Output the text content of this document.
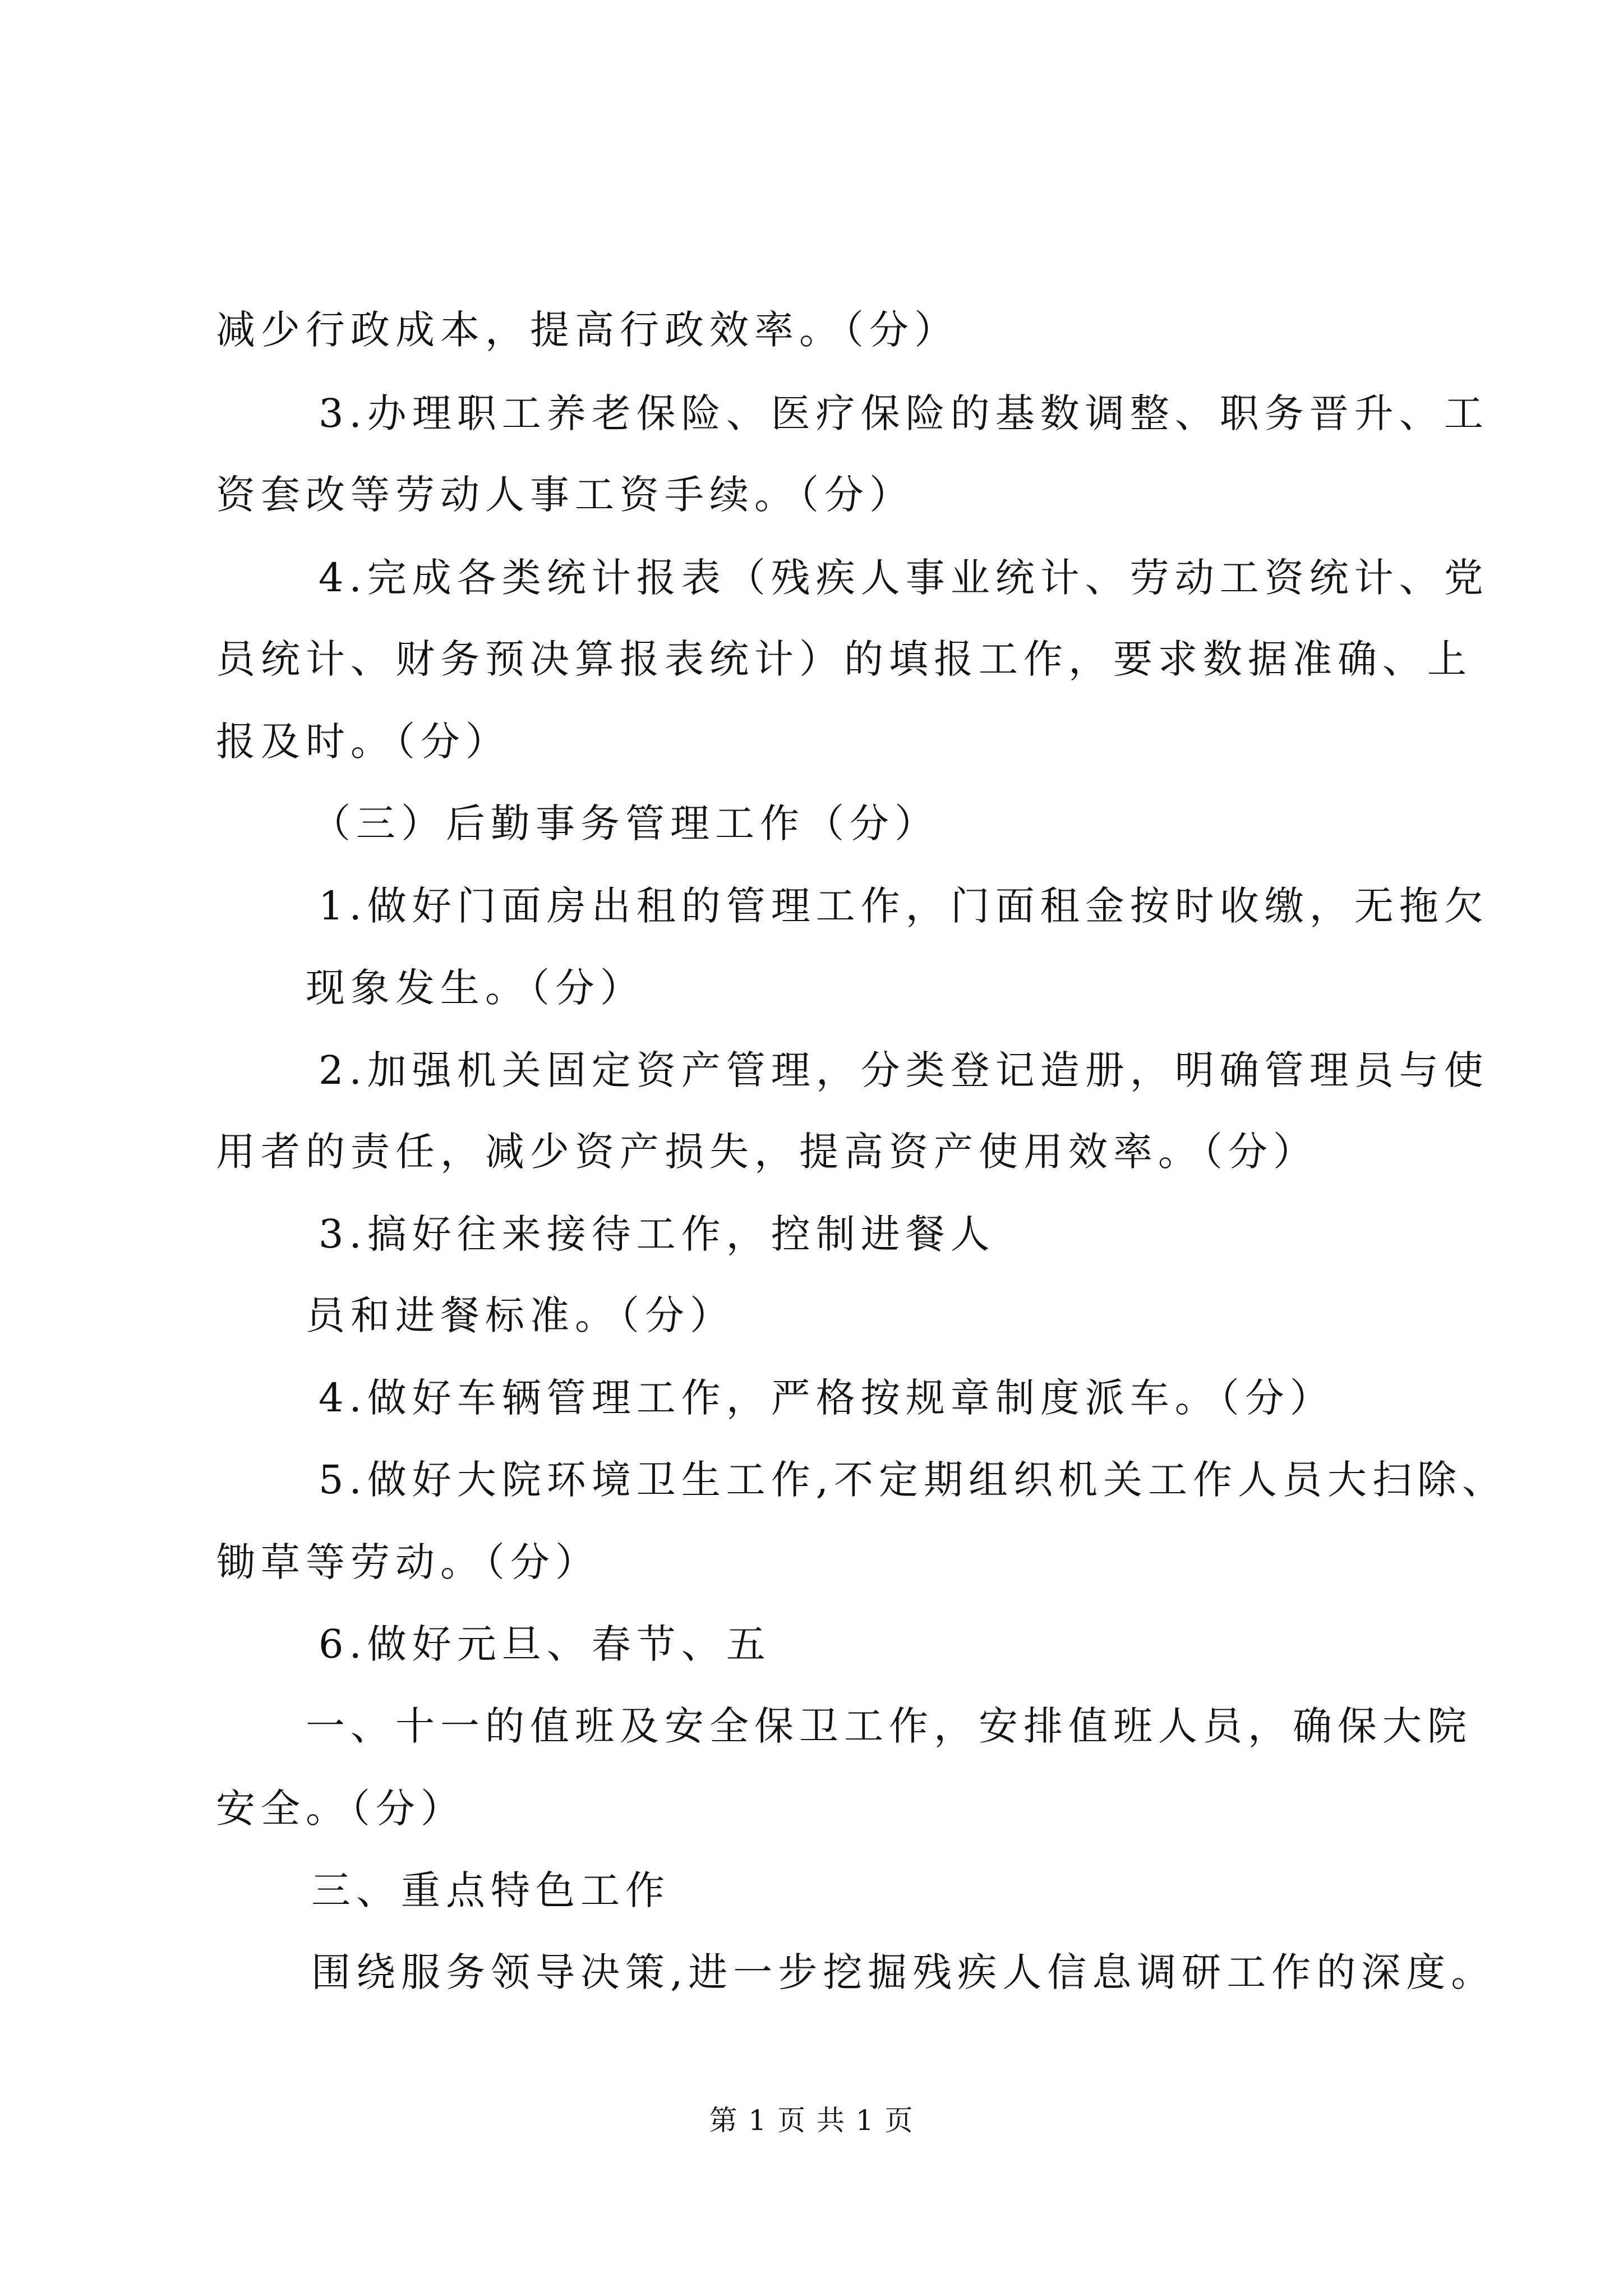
减少行政成本，提高行政效率。（分）
3.办理职工养老保险、医疗保险的基数调整、职务晋升、工
资套改等劳动人事工资手续。（分）
4.完成各类统计报表（残疾人事业统计、劳动工资统计、党
员统计、财务预决算报表统计）的填报工作，要求数据准确、上
报及时。（分）
（三）后勤事务管理工作（分）
1.做好门面房出租的管理工作，门面租金按时收缴，无拖欠
现象发生。（分）
2.加强机关固定资产管理，分类登记造册，明确管理员与使
用者的责任，减少资产损失，提高资产使用效率。（分）
3.搞好往来接待工作，控制进餐人
员和进餐标准。（分）
4.做好车辆管理工作，严格按规章制度派车。（分）
5.做好大院环境卫生工作,不定期组织机关工作人员大扫除、
锄草等劳动。（分）
6.做好元旦、春节、五
一、十一的值班及安全保卫工作，安排值班人员，确保大院
安全。（分）
三、重点特色工作
围绕服务领导决策,进一步挖掘残疾人信息调研工作的深度。
第 1 页 共 1 页
